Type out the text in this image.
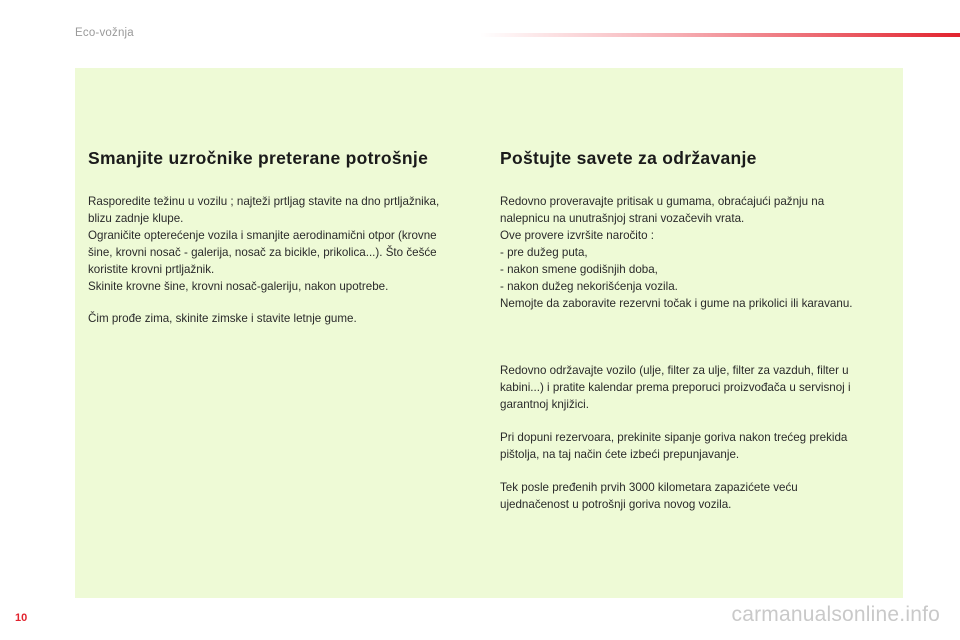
Eco-vožnja
Smanjite uzročnike preterane potrošnje

Rasporedite težinu u vozilu ; najteži prtljag stavite na dno prtljažnika,
blizu zadnje klupe.
Ograničite opterećenje vozila i smanjite aerodinamični otpor (krovne
šine, krovni nosač - galerija, nosač za bicikle, prikolica...). Što češće
koristite krovni prtljažnik.
Skinite krovne šine, krovni nosač-galeriju, nakon upotrebe.

Čim prođe zima, skinite zimske i stavite letnje gume.

Poštujte savete za održavanje

Redovno proveravajte pritisak u gumama, obraćajući pažnju na
nalepnicu na unutrašnjoj strani vozačevih vrata.
Ove provere izvršite naročito :
- pre dužeg puta,
- nakon smene godišnjih doba,
- nakon dužeg nekorišćenja vozila.
Nemojte da zaboravite rezervni točak i gume na prikolici ili karavanu.

Redovno održavajte vozilo (ulje, filter za ulje, filter za vazduh, filter u
kabini...) i pratite kalendar prema preporuci proizvođača u servisnoj i
garantnoj knjižici.

Pri dopuni rezervoara, prekinite sipanje goriva nakon trećeg prekida
pištolja, na taj način ćete izbeći prepunjavanje.

Tek posle pređenih prvih 3000 kilometara zapazićete veću
ujednačenost u potrošnji goriva novog vozila.

10	carmanualsonline.info
